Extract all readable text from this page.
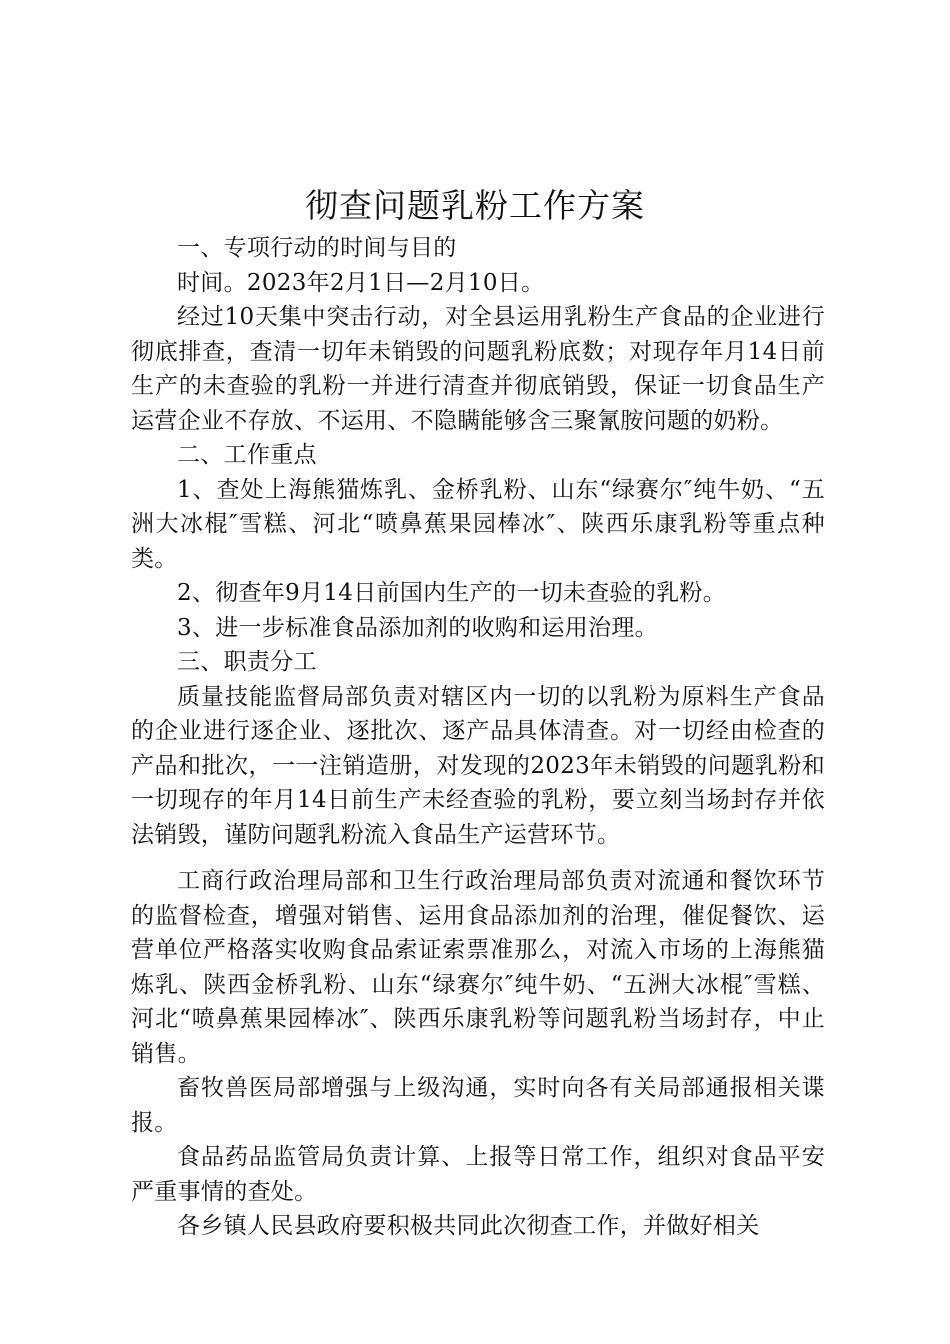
彻查问题乳粉工作方案

一、专项行动的时间与目的

时间。2023年2月1日—2月10日。

经过10天集中突击行动，对全县运用乳粉生产食品的企业进行彻底排查，查清一切年未销毁的问题乳粉底数；对现存年月14日前生产的未查验的乳粉一并进行清查并彻底销毁，保证一切食品生产运营企业不存放、不运用、不隐瞒能够含三聚氰胺问题的奶粉。

二、工作重点

1、查处上海熊猫炼乳、金桥乳粉、山东“绿赛尔″纯牛奶、“五洲大冰棍″雪糕、河北“喷鼻蕉果园棒冰″、陕西乐康乳粉等重点种类。

2、彻查年9月14日前国内生产的一切未查验的乳粉。

3、进一步标准食品添加剂的收购和运用治理。

三、职责分工

质量技能监督局部负责对辖区内一切的以乳粉为原料生产食品的企业进行逐企业、逐批次、逐产品具体清查。对一切经由检查的产品和批次，一一注销造册，对发现的2023年未销毁的问题乳粉和一切现存的年月14日前生产未经查验的乳粉，要立刻当场封存并依法销毁，谨防问题乳粉流入食品生产运营环节。

工商行政治理局部和卫生行政治理局部负责对流通和餐饮环节的监督检查，增强对销售、运用食品添加剂的治理，催促餐饮、运营单位严格落实收购食品索证索票准那么，对流入市场的上海熊猫炼乳、陕西金桥乳粉、山东“绿赛尔″纯牛奶、“五洲大冰棍″雪糕、河北“喷鼻蕉果园棒冰″、陕西乐康乳粉等问题乳粉当场封存，中止销售。

畜牧兽医局部增强与上级沟通，实时向各有关局部通报相关谍报。

食品药品监管局负责计算、上报等日常工作，组织对食品平安严重事情的查处。

各乡镇人民县政府要积极共同此次彻查工作，并做好相关
